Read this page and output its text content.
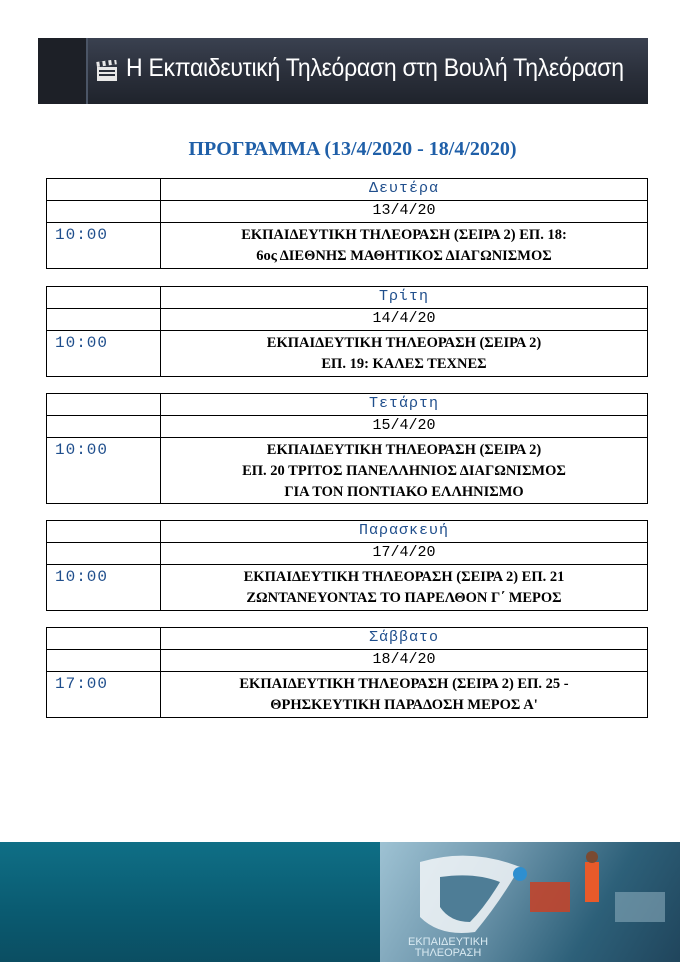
Η Εκπαιδευτική Τηλεόραση στη Βουλή Τηλεόραση
ΠΡΟΓΡΑΜΜΑ (13/4/2020 - 18/4/2020)
	Δευτέρα
	13/4/20
10:00	ΕΚΠΑΙΔΕΥΤΙΚΗ ΤΗΛΕΟΡΑΣΗ (ΣΕΙΡΑ 2) ΕΠ. 18:
6ος ΔΙΕΘΝΗΣ ΜΑΘΗΤΙΚΟΣ ΔΙΑΓΩΝΙΣΜΟΣ
	Τρίτη
	14/4/20
10:00	ΕΚΠΑΙΔΕΥΤΙΚΗ ΤΗΛΕΟΡΑΣΗ (ΣΕΙΡΑ 2)
ΕΠ. 19: ΚΑΛΕΣ ΤΕΧΝΕΣ
	Τετάρτη
	15/4/20
10:00	ΕΚΠΑΙΔΕΥΤΙΚΗ ΤΗΛΕΟΡΑΣΗ (ΣΕΙΡΑ 2)
ΕΠ. 20 ΤΡΙΤΟΣ ΠΑΝΕΛΛΗΝΙΟΣ ΔΙΑΓΩΝΙΣΜΟΣ
ΓΙΑ ΤΟΝ ΠΟΝΤΙΑΚΟ ΕΛΛΗΝΙΣΜΟ
	Παρασκευή
	17/4/20
10:00	ΕΚΠΑΙΔΕΥΤΙΚΗ ΤΗΛΕΟΡΑΣΗ (ΣΕΙΡΑ 2) ΕΠ. 21
ΖΩΝΤΑΝΕΥΟΝΤΑΣ ΤΟ ΠΑΡΕΛΘΟΝ Γ΄ ΜΕΡΟΣ
	Σάββατο
	18/4/20
17:00	ΕΚΠΑΙΔΕΥΤΙΚΗ ΤΗΛΕΟΡΑΣΗ (ΣΕΙΡΑ 2) ΕΠ. 25 -
ΘΡΗΣΚΕΥΤΙΚΗ ΠΑΡΑΔΟΣΗ ΜΕΡΟΣ Α'
ΕΚΠΑΙΔΕΥΤΙΚΗ
ΤΗΛΕΟΡΑΣΗ
